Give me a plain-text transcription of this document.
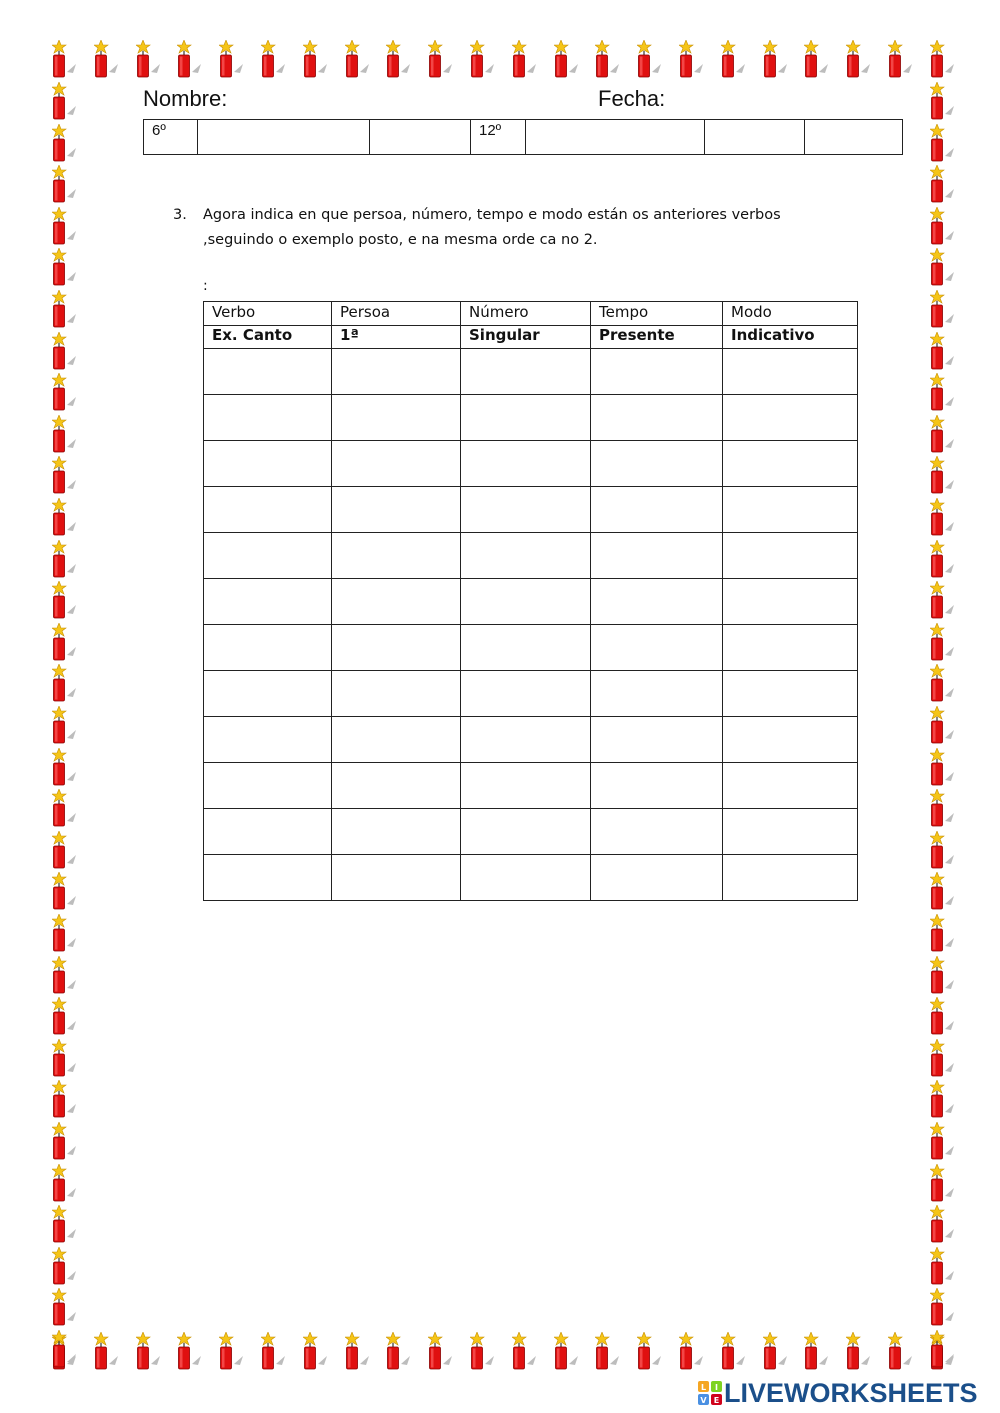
Nombre:	Fecha:
6º			12º			
3. Agora indica en que persoa, número, tempo e modo están os anteriores verbos ,seguindo o exemplo posto, e na mesma orde ca no 2.
:
Verbo	Persoa	Número	Tempo	Modo
Ex. Canto	1ª	Singular	Presente	Indicativo

L I
V E LIVEWORKSHEETS
